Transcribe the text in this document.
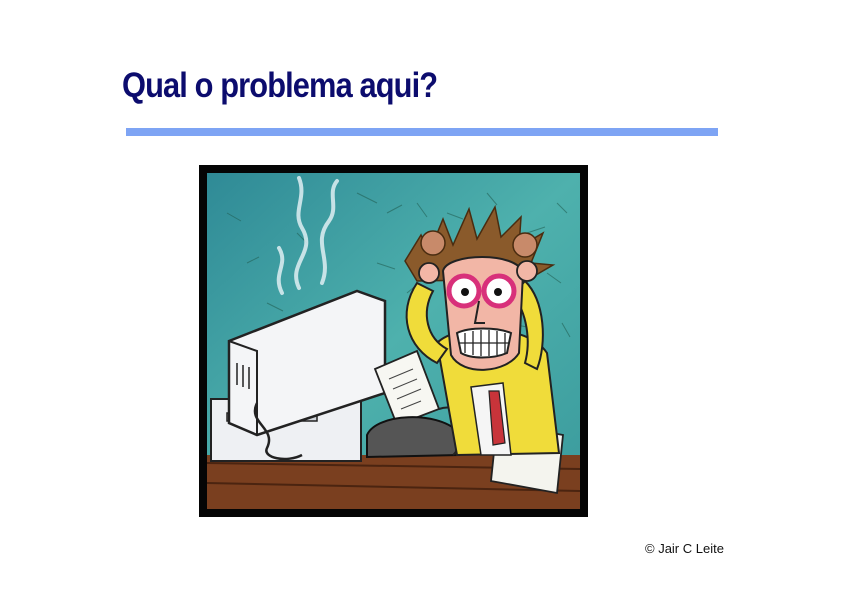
Qual o problema aqui?
© Jair C Leite
